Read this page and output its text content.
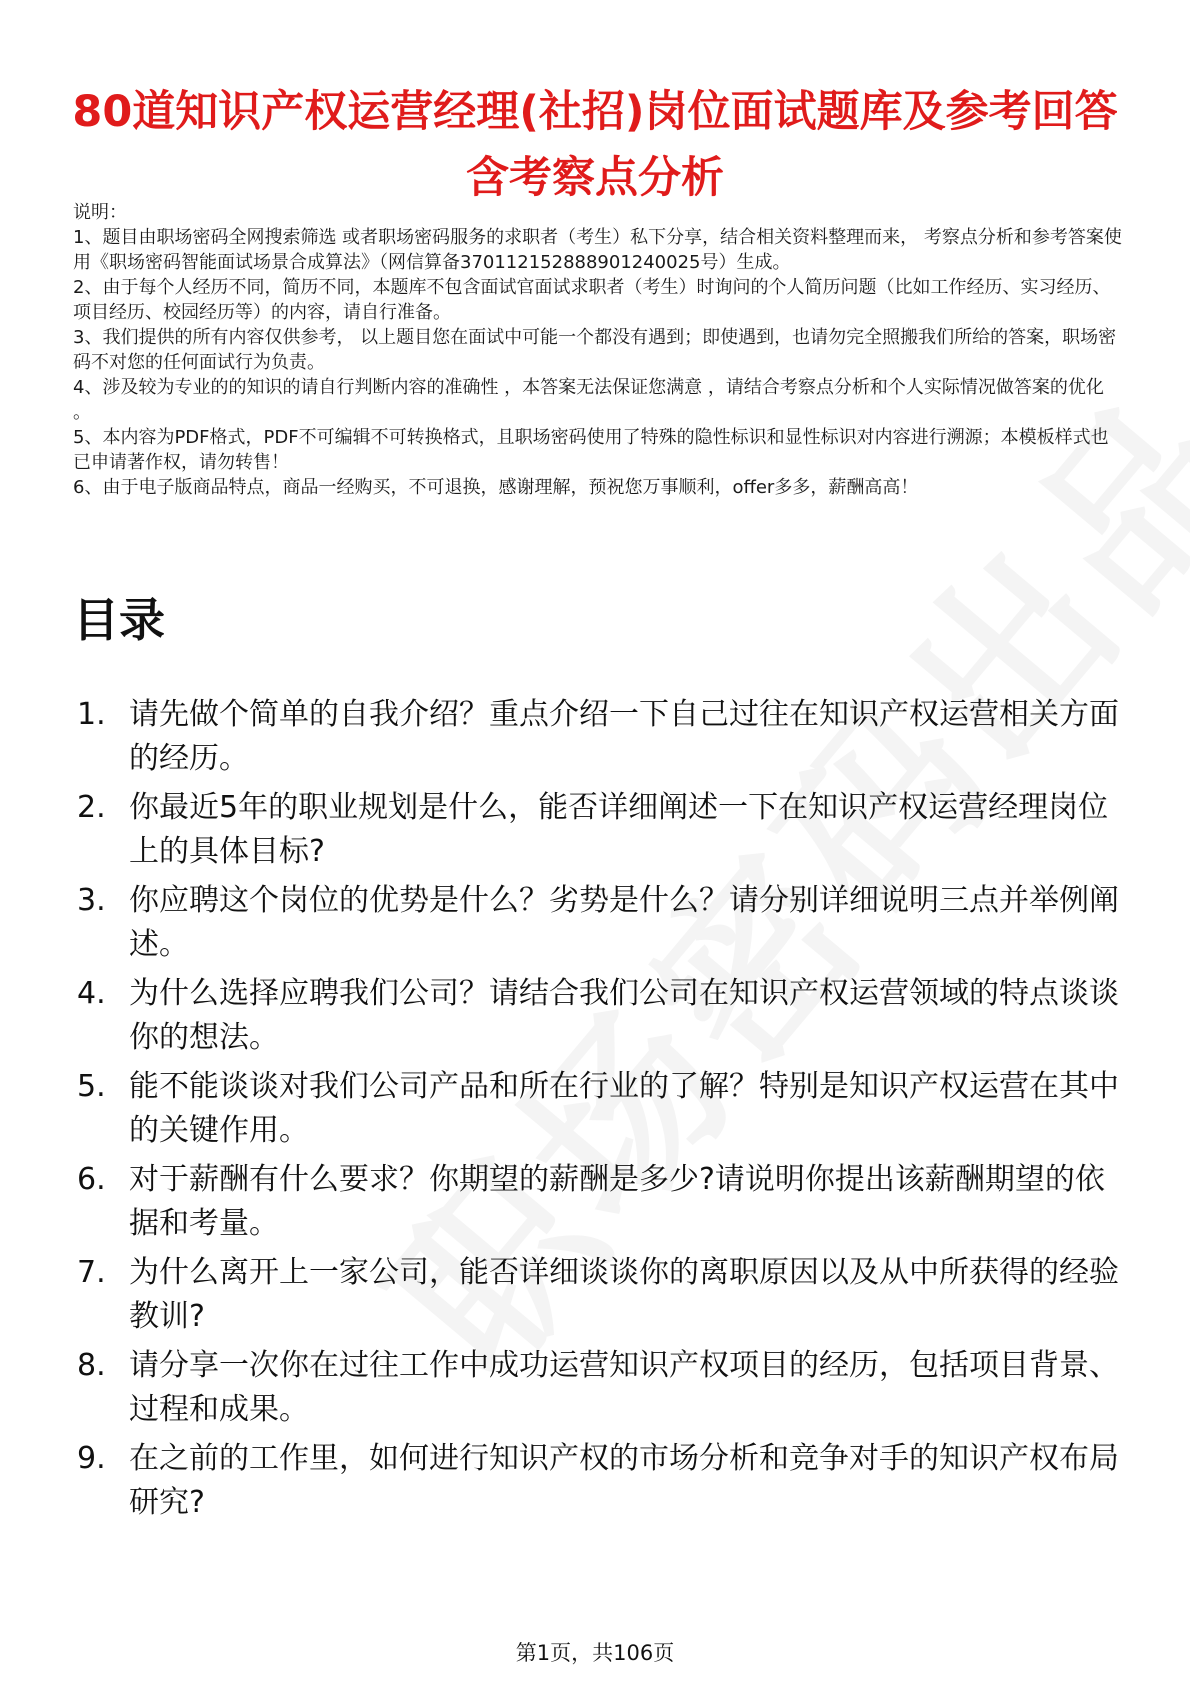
80道知识产权运营经理(社招)岗位面试题库及参考回答含考察点分析

说明：

1、题目由职场密码全网搜索筛选 或者职场密码服务的求职者（考生）私下分享，结合相关资料整理而来， 考察点分析和参考答案使用《职场密码智能面试场景合成算法》（网信算备370112152888901240025号）生成。

2、由于每个人经历不同，简历不同，本题库不包含面试官面试求职者（考生）时询问的个人简历问题（比如工作经历、实习经历、项目经历、校园经历等）的内容，请自行准备。

3、我们提供的所有内容仅供参考， 以上题目您在面试中可能一个都没有遇到；即使遇到，也请勿完全照搬我们所给的答案，职场密码不对您的任何面试行为负责。

4、涉及较为专业的的知识的请自行判断内容的准确性 ，本答案无法保证您满意 ，请结合考察点分析和个人实际情况做答案的优化 。

5、本内容为PDF格式，PDF不可编辑不可转换格式，且职场密码使用了特殊的隐性标识和显性标识对内容进行溯源；本模板样式也已申请著作权，请勿转售！

6、由于电子版商品特点，商品一经购买，不可退换，感谢理解，预祝您万事顺利，offer多多，薪酬高高！

目录
1. 请先做个简单的自我介绍？重点介绍一下自己过往在知识产权运营相关方面的经历。
2. 你最近5年的职业规划是什么，能否详细阐述一下在知识产权运营经理岗位上的具体目标?
3. 你应聘这个岗位的优势是什么？劣势是什么？请分别详细说明三点并举例阐述。
4. 为什么选择应聘我们公司？请结合我们公司在知识产权运营领域的特点谈谈你的想法。
5. 能不能谈谈对我们公司产品和所在行业的了解？特别是知识产权运营在其中的关键作用。
6. 对于薪酬有什么要求？你期望的薪酬是多少?请说明你提出该薪酬期望的依据和考量。
7. 为什么离开上一家公司，能否详细谈谈你的离职原因以及从中所获得的经验教训?
8. 请分享一次你在过往工作中成功运营知识产权项目的经历，包括项目背景、过程和成果。
9. 在之前的工作里，如何进行知识产权的市场分析和竞争对手的知识产权布局研究?
第1页，共106页
